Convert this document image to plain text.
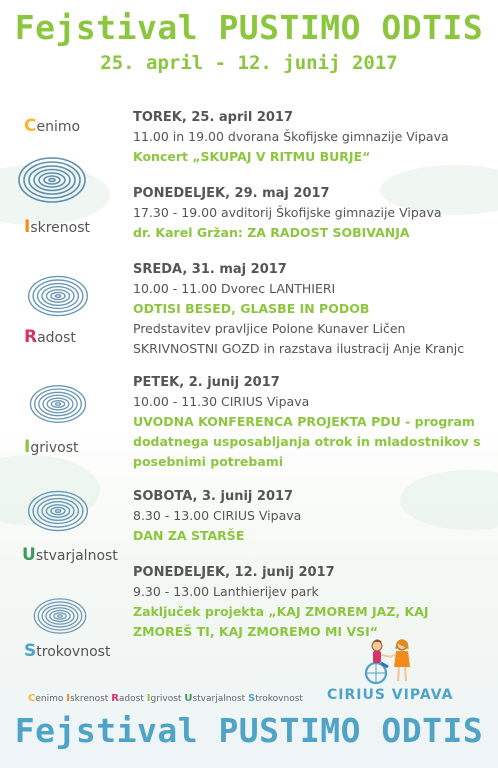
Fejstival PUSTIMO ODTIS
25. april - 12. junij 2017
Cenimo
Iskrenost
Radost
Igrivost
Ustvarjalnost
Strokovnost
TOREK, 25. april 2017
11.00 in 19.00 dvorana Škofijske gimnazije Vipava
Koncert „SKUPAJ V RITMU BURJE“
PONEDELJEK, 29. maj 2017
17.30 - 19.00 avditorij Škofijske gimnazije Vipava
dr. Karel Gržan: ZA RADOST SOBIVANJA
SREDA, 31. maj 2017
10.00 - 11.00 Dvorec LANTHIERI
ODTISI BESED, GLASBE IN PODOB
Predstavitev pravljice Polone Kunaver Ličen
SKRIVNOSTNI GOZD in razstava ilustracij Anje Kranjc
PETEK, 2. junij 2017
10.00 - 11.30 CIRIUS Vipava
UVODNA KONFERENCA PROJEKTA PDU - program dodatnega usposabljanja otrok in mladostnikov s posebnimi potrebami
SOBOTA, 3. junij 2017
8.30 - 13.00 CIRIUS Vipava
DAN ZA STARŠE
PONEDELJEK, 12. junij 2017
9.30 - 13.00 Lanthierijev park
Zaključek projekta „KAJ ZMOREM JAZ, KAJ ZMOREŠ TI, KAJ ZMOREMO MI VSI“
Cenimo Iskrenost Radost Igrivost Ustvarjalnost Strokovnost CIRIUS VIPAVA
Fejstival PUSTIMO ODTIS
